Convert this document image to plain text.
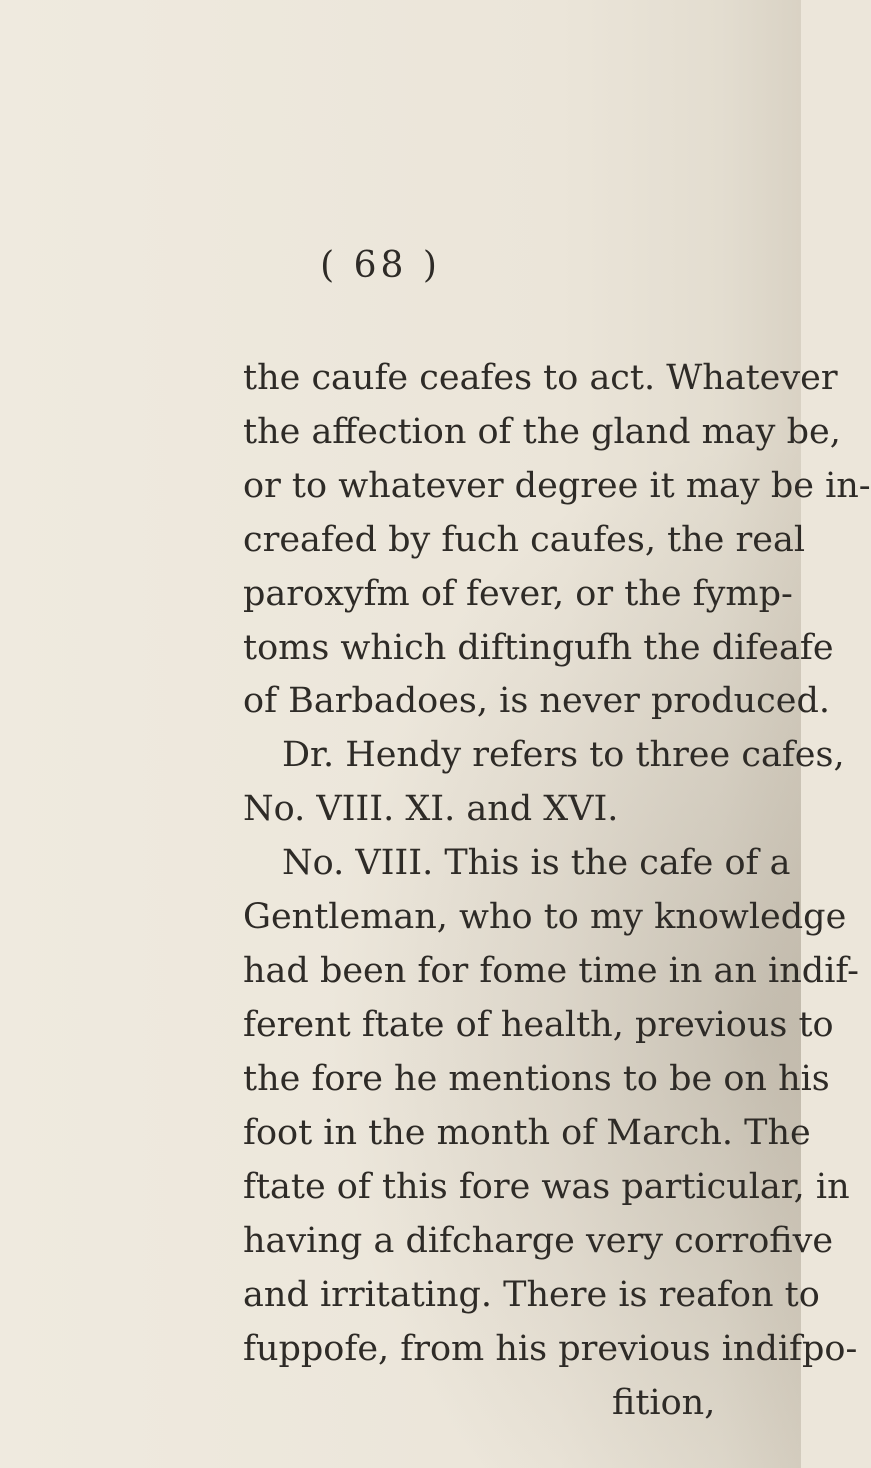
( 68 )
the caufe ceafes to act. Whatever
the affection of the gland may be,
or to whatever degree it may be in-
creafed by fuch caufes, the real
paroxyfm of fever, or the fymp-
toms which diftingufh the difeafe
of Barbadoes, is never produced.
Dr. Hendy refers to three cafes,
No. VIII. XI. and XVI.
No. VIII. This is the cafe of a
Gentleman, who to my knowledge
had been for fome time in an indif-
ferent ftate of health, previous to
the fore he mentions to be on his
foot in the month of March. The
ftate of this fore was particular, in
having a difcharge very corrofive
and irritating. There is reafon to
fuppofe, from his previous indifpo-
fition,
